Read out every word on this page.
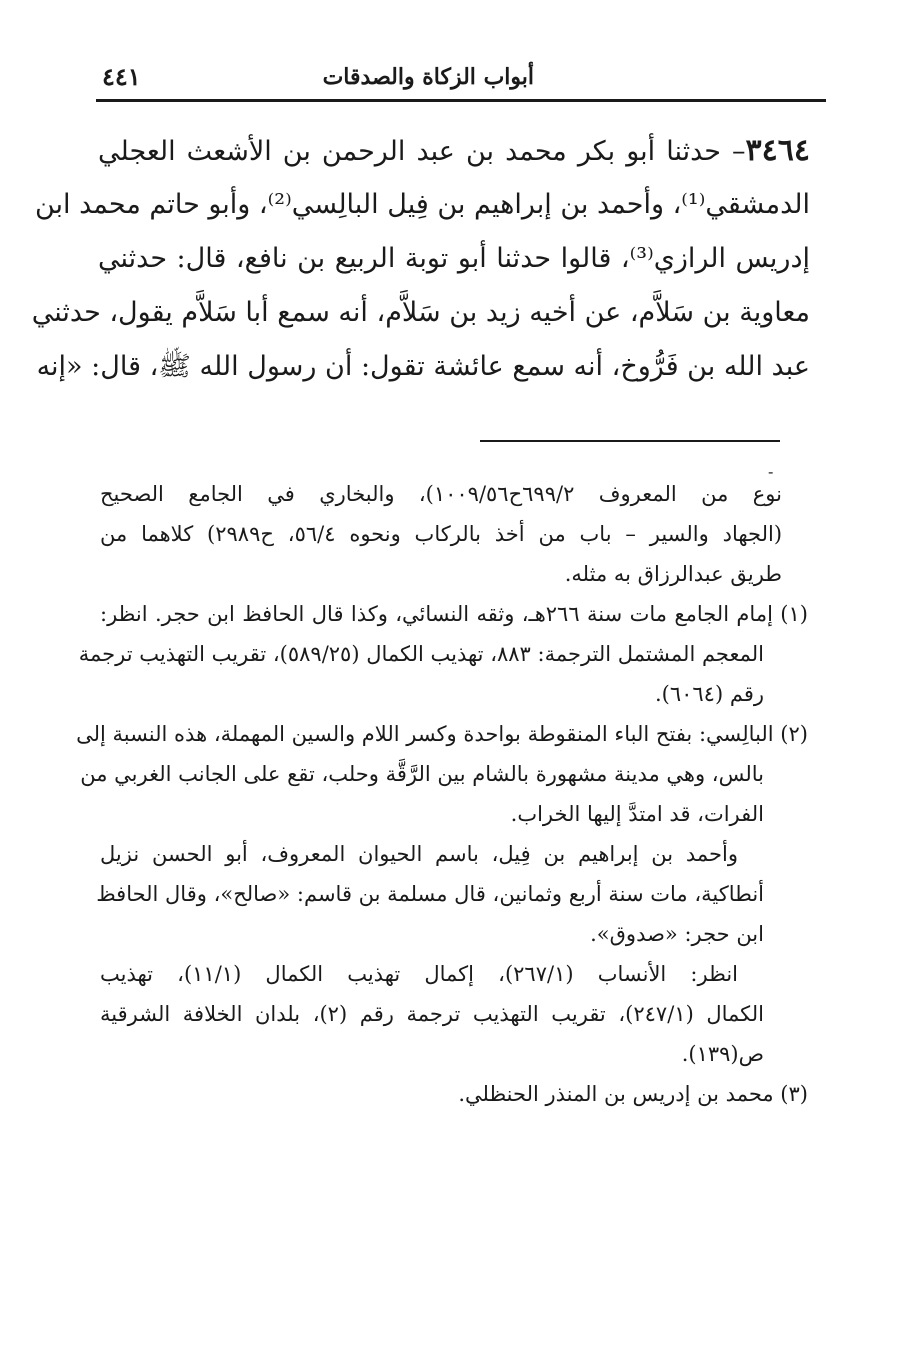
أبواب الزكاة والصدقات
٤٤١
٣٤٦٤– حدثنا أبو بكر محمد بن عبد الرحمن بن الأشعث العجلي
الدمشقي⁽¹⁾، وأحمد بن إبراهيم بن فِيل البالِسي⁽²⁾، وأبو حاتم محمد ابن
إدريس الرازي⁽³⁾، قالوا حدثنا أبو توبة الربيع بن نافع، قال: حدثني
معاوية بن سَلاَّم، عن أخيه زيد بن سَلاَّم، أنه سمع أبا سَلاَّم يقول، حدثني
عبد الله بن فَرُّوخ، أنه سمع عائشة تقول: أن رسول الله ﷺ، قال: «إنه
-
نوع من المعروف ٦٩٩/٢ح١٠٠٩/٥٦)، والبخاري في الجامع الصحيح
(الجهاد والسير – باب من أخذ بالركاب ونحوه ٥٦/٤، ح٢٩٨٩) كلاهما من
طريق عبدالرزاق به مثله.
(١) إمام الجامع مات سنة ٢٦٦هـ، وثقه النسائي، وكذا قال الحافظ ابن حجر. انظر:
المعجم المشتمل الترجمة: ٨٨٣، تهذيب الكمال (٥٨٩/٢٥)، تقريب التهذيب ترجمة
رقم (٦٠٦٤).
(٢) البالِسي: بفتح الباء المنقوطة بواحدة وكسر اللام والسين المهملة، هذه النسبة إلى
بالس، وهي مدينة مشهورة بالشام بين الرَّقَّة وحلب، تقع على الجانب الغربي من
الفرات، قد امتدَّ إليها الخراب.
وأحمد بن إبراهيم بن فِيل، باسم الحيوان المعروف، أبو الحسن نزيل
أنطاكية، مات سنة أربع وثمانين، قال مسلمة بن قاسم: «صالح»، وقال الحافظ
ابن حجر: «صدوق».
انظر: الأنساب (٢٦٧/١)، إكمال تهذيب الكمال (١١/١)، تهذيب
الكمال (٢٤٧/١)، تقريب التهذيب ترجمة رقم (٢)، بلدان الخلافة الشرقية
ص(١٣٩).
(٣) محمد بن إدريس بن المنذر الحنظلي.
